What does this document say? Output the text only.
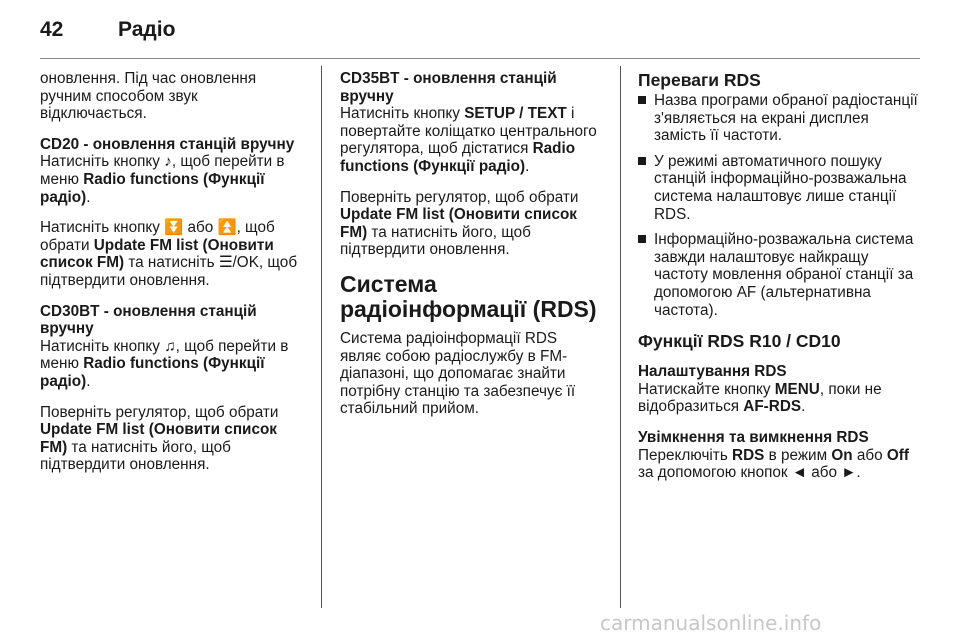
42	Радіо
оновлення. Під час оновлення ручним способом звук відключається.
CD20 - оновлення станцій вручну
Натисніть кнопку ♪, щоб перейти в меню Radio functions (Функції радіо).
Натисніть кнопку ⏬ або ⏫, щоб обрати Update FM list (Оновити список FM) та натисніть ☰/OK, щоб підтвердити оновлення.
CD30BT - оновлення станцій вручну
Натисніть кнопку ♫, щоб перейти в меню Radio functions (Функції радіо).
Поверніть регулятор, щоб обрати Update FM list (Оновити список FM) та натисніть його, щоб підтвердити оновлення.
CD35BT - оновлення станцій вручну
Натисніть кнопку SETUP / TEXT і повертайте коліщатко центрального регулятора, щоб дістатися Radio functions (Функції радіо).
Поверніть регулятор, щоб обрати Update FM list (Оновити список FM) та натисніть його, щоб підтвердити оновлення.
Система радіоінформації (RDS)
Система радіоінформації RDS являє собою радіослужбу в FM-діапазоні, що допомагає знайти потрібну станцію та забезпечує її стабільний прийом.
Переваги RDS
Назва програми обраної радіостанції з'являється на екрані дисплея замість її частоти.
У режимі автоматичного пошуку станцій інформаційно-розважальна система налаштовує лише станції RDS.
Інформаційно-розважальна система завжди налаштовує найкращу частоту мовлення обраної станції за допомогою AF (альтернативна частота).
Функції RDS R10 / CD10
Налаштування RDS
Натискайте кнопку MENU, поки не відобразиться AF-RDS.
Увімкнення та вимкнення RDS
Переключіть RDS в режим On або Off за допомогою кнопок ◄ або ►.
carmanualsonline.info
